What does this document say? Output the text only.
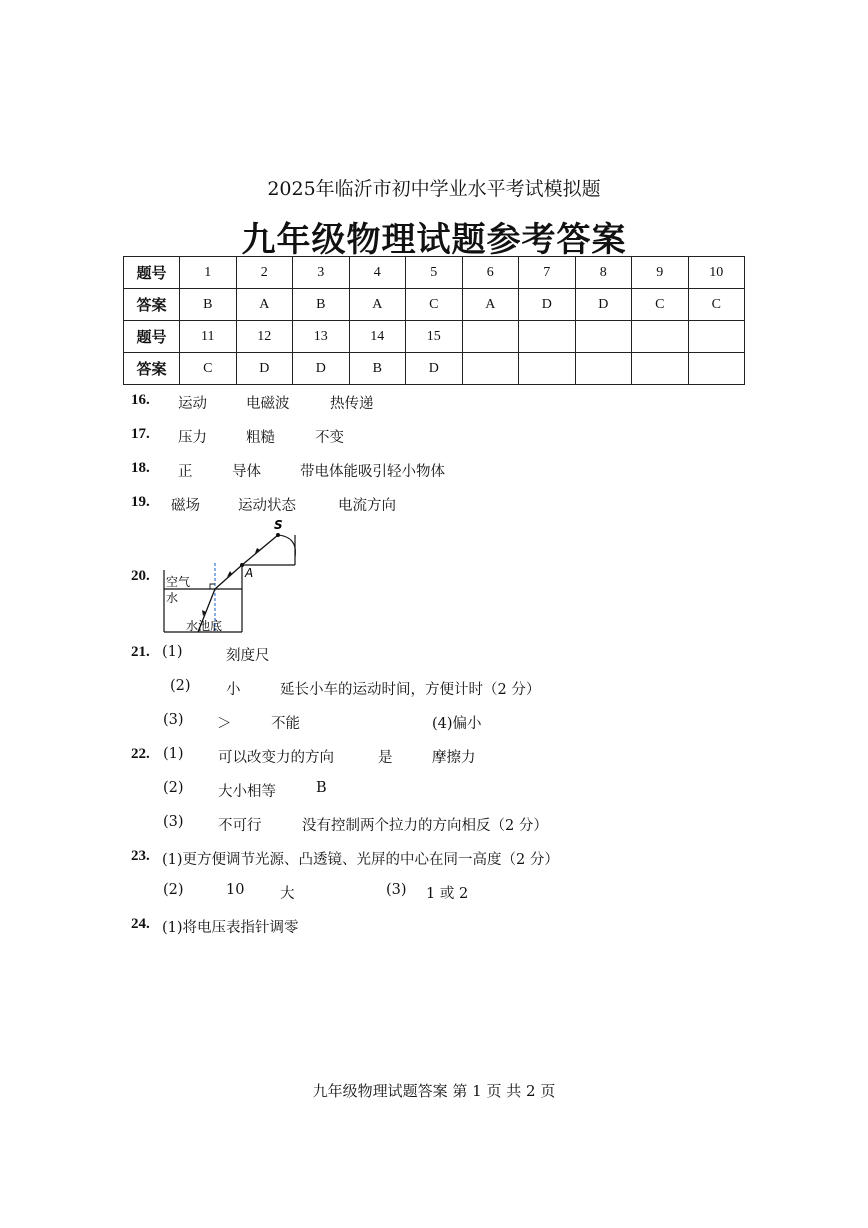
2025年临沂市初中学业水平考试模拟题
九年级物理试题参考答案
题号	1	2	3	4	5	6	7	8	9	10
答案	B	A	B	A	C	A	D	D	C	C
题号	11	12	13	14	15					
答案	C	D	D	B	D					
16. 运动	电磁波	热传递
17. 压力	粗糙	不变
18. 正	导体	带电体能吸引轻小物体
19. 磁场	运动状态	电流方向
20.
S
A
空气
水
水池底
21. (1)	刻度尺
(2) 小	延长小车的运动时间，方便计时（2 分）
(3) ＞	不能	(4)偏小
22. (1) 可以改变力的方向	是	摩擦力
(2) 大小相等	B
(3) 不可行	没有控制两个拉力的方向相反（2 分）
23. (1)更方便调节光源、凸透镜、光屏的中心在同一高度（2 分）
(2)	10 大	(3) 1 或 2
24. (1)将电压表指针调零
九年级物理试题答案 第 1 页 共 2 页
